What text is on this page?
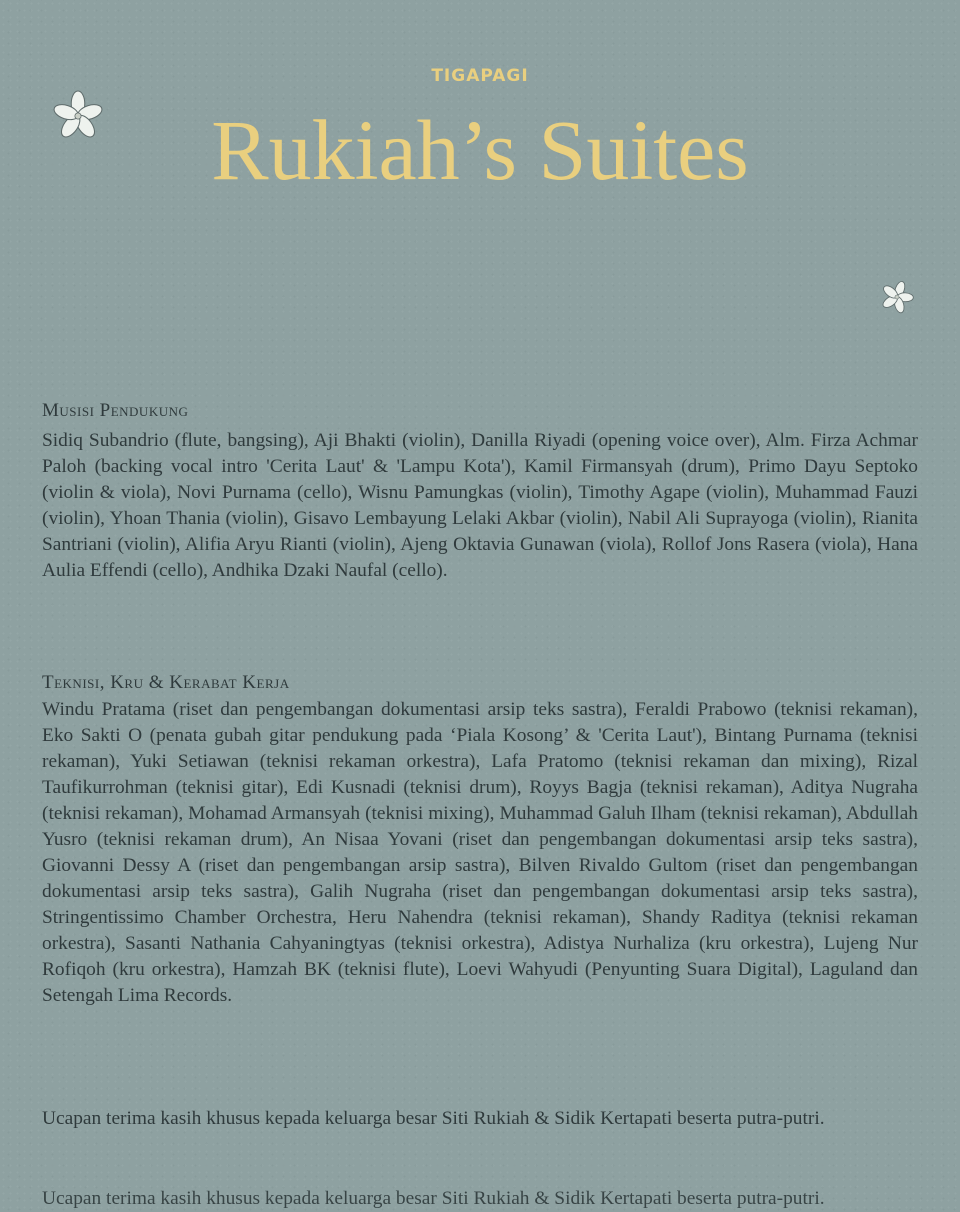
TIGAPAGI
Rukiah’s Suites
Musisi Pendukung
Sidiq Subandrio (flute, bangsing), Aji Bhakti (violin), Danilla Riyadi (opening voice over), Alm. Firza Achmar Paloh (backing vocal intro 'Cerita Laut' & 'Lampu Kota'), Kamil Firmansyah (drum), Primo Dayu Septoko (violin & viola), Novi Purnama (cello), Wisnu Pamungkas (violin), Timothy Agape (violin), Muhammad Fauzi (violin), Yhoan Thania (violin), Gisavo Lembayung Lelaki Akbar (violin), Nabil Ali Suprayoga (violin), Rianita Santriani (violin), Alifia Aryu Rianti (violin), Ajeng Oktavia Gunawan (viola), Rollof Jons Rasera (viola), Hana Aulia Effendi (cello), Andhika Dzaki Naufal (cello).
Teknisi, Kru & Kerabat Kerja
Windu Pratama (riset dan pengembangan dokumentasi arsip teks sastra), Feraldi Prabowo (teknisi rekaman), Eko Sakti O (penata gubah gitar pendukung pada ‘Piala Kosong’ & 'Cerita Laut'), Bintang Purnama (teknisi rekaman), Yuki Setiawan (teknisi rekaman orkestra), Lafa Pratomo (teknisi rekaman dan mixing), Rizal Taufikurrohman (teknisi gitar), Edi Kusnadi (teknisi drum), Royys Bagja (teknisi rekaman), Aditya Nugraha (teknisi rekaman), Mohamad Armansyah (teknisi mixing), Muhammad Galuh Ilham (teknisi rekaman), Abdullah Yusro (teknisi rekaman drum), An Nisaa Yovani (riset dan pengembangan dokumentasi arsip teks sastra), Giovanni Dessy A (riset dan pengembangan arsip sastra), Bilven Rivaldo Gultom (riset dan pengembangan dokumentasi arsip teks sastra), Galih Nugraha (riset dan pengembangan dokumentasi arsip teks sastra), Stringentissimo Chamber Orchestra, Heru Nahendra (teknisi rekaman), Shandy Raditya (teknisi rekaman orkestra), Sasanti Nathania Cahyaningtyas (teknisi orkestra), Adistya Nurhaliza (kru orkestra), Lujeng Nur Rofiqoh (kru orkestra), Hamzah BK (teknisi flute), Loevi Wahyudi (Penyunting Suara Digital), Laguland dan Setengah Lima Records.
Ucapan terima kasih khusus kepada keluarga besar Siti Rukiah & Sidik Kertapati beserta putra-putri.
Ucapan terima kasih khusus kepada keluarga besar Siti Rukiah & Sidik Kertapati beserta putra-putri.
